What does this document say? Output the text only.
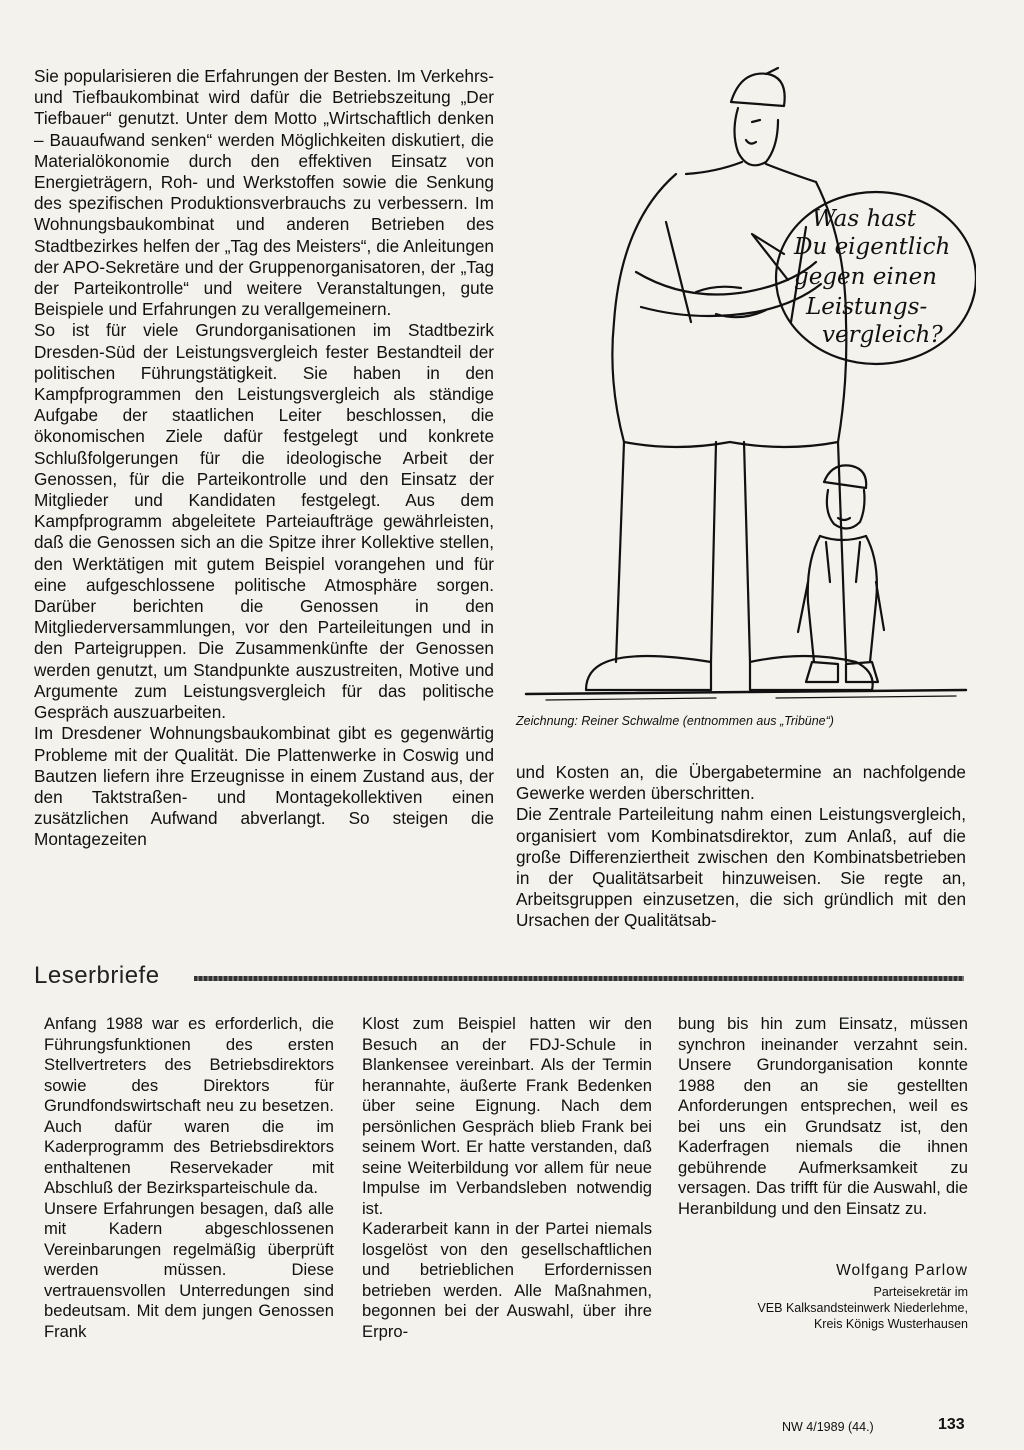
Sie popularisieren die Erfahrungen der Besten. Im Verkehrs- und Tiefbaukombinat wird dafür die Betriebszeitung „Der Tiefbauer“ genutzt. Unter dem Motto „Wirtschaftlich denken – Bauaufwand senken“ werden Möglichkeiten diskutiert, die Materialökonomie durch den effektiven Einsatz von Energieträgern, Roh- und Werkstoffen sowie die Senkung des spezifischen Produktionsverbrauchs zu verbessern. Im Wohnungsbaukombinat und anderen Betrieben des Stadtbezirkes helfen der „Tag des Meisters“, die Anleitungen der APO-Sekretäre und der Gruppenorganisatoren, der „Tag der Parteikontrolle“ und weitere Veranstaltungen, gute Beispiele und Erfahrungen zu verallgemeinern.

So ist für viele Grundorganisationen im Stadtbezirk Dresden-Süd der Leistungsvergleich fester Bestandteil der politischen Führungstätigkeit. Sie haben in den Kampfprogrammen den Leistungsvergleich als ständige Aufgabe der staatlichen Leiter beschlossen, die ökonomischen Ziele dafür festgelegt und konkrete Schlußfolgerungen für die ideologische Arbeit der Genossen, für die Parteikontrolle und den Einsatz der Mitglieder und Kandidaten festgelegt. Aus dem Kampfprogramm abgeleitete Parteiaufträge gewährleisten, daß die Genossen sich an die Spitze ihrer Kollektive stellen, den Werktätigen mit gutem Beispiel vorangehen und für eine aufgeschlossene politische Atmosphäre sorgen. Darüber berichten die Genossen in den Mitgliederversammlungen, vor den Parteileitungen und in den Parteigruppen. Die Zusammenkünfte der Genossen werden genutzt, um Standpunkte auszustreiten, Motive und Argumente zum Leistungsvergleich für das politische Gespräch auszuarbeiten.

Im Dresdener Wohnungsbaukombinat gibt es gegenwärtig Probleme mit der Qualität. Die Plattenwerke in Coswig und Bautzen liefern ihre Erzeugnisse in einem Zustand aus, der den Taktstraßen- und Montagekollektiven einen zusätzlichen Aufwand abverlangt. So steigen die Montagezeiten

Was hast
Du eigentlich
gegen einen
Leistungs-
vergleich?
Zeichnung: Reiner Schwalme (entnommen aus „Tribüne“)

und Kosten an, die Übergabetermine an nachfolgende Gewerke werden überschritten.

Die Zentrale Parteileitung nahm einen Leistungsvergleich, organisiert vom Kombinatsdirektor, zum Anlaß, auf die große Differenziertheit zwischen den Kombinatsbetrieben in der Qualitätsarbeit hinzuweisen. Sie regte an, Arbeitsgruppen einzusetzen, die sich gründlich mit den Ursachen der Qualitätsab-

Leserbriefe

Anfang 1988 war es erforderlich, die Führungsfunktionen des ersten Stellvertreters des Betriebsdirektors sowie des Direktors für Grundfondswirtschaft neu zu besetzen. Auch dafür waren die im Kaderprogramm des Betriebsdirektors enthaltenen Reservekader mit Abschluß der Bezirksparteischule da.

Unsere Erfahrungen besagen, daß alle mit Kadern abgeschlossenen Vereinbarungen regelmäßig überprüft werden müssen. Diese vertrauensvollen Unterredungen sind bedeutsam. Mit dem jungen Genossen Frank

Klost zum Beispiel hatten wir den Besuch an der FDJ-Schule in Blankensee vereinbart. Als der Termin herannahte, äußerte Frank Bedenken über seine Eignung. Nach dem persönlichen Gespräch blieb Frank bei seinem Wort. Er hatte verstanden, daß seine Weiterbildung vor allem für neue Impulse im Verbandsleben notwendig ist.

Kaderarbeit kann in der Partei niemals losgelöst von den gesellschaftlichen und betrieblichen Erfordernissen betrieben werden. Alle Maßnahmen, begonnen bei der Auswahl, über ihre Erpro-

bung bis hin zum Einsatz, müssen synchron ineinander verzahnt sein. Unsere Grundorganisation konnte 1988 den an sie gestellten Anforderungen entsprechen, weil es bei uns ein Grundsatz ist, den Kaderfragen niemals die ihnen gebührende Aufmerksamkeit zu versagen. Das trifft für die Auswahl, die Heranbildung und den Einsatz zu.

Wolfgang Parlow
Parteisekretär im
VEB Kalksandsteinwerk Niederlehme,
Kreis Königs Wusterhausen
NW 4/1989 (44.)	133
